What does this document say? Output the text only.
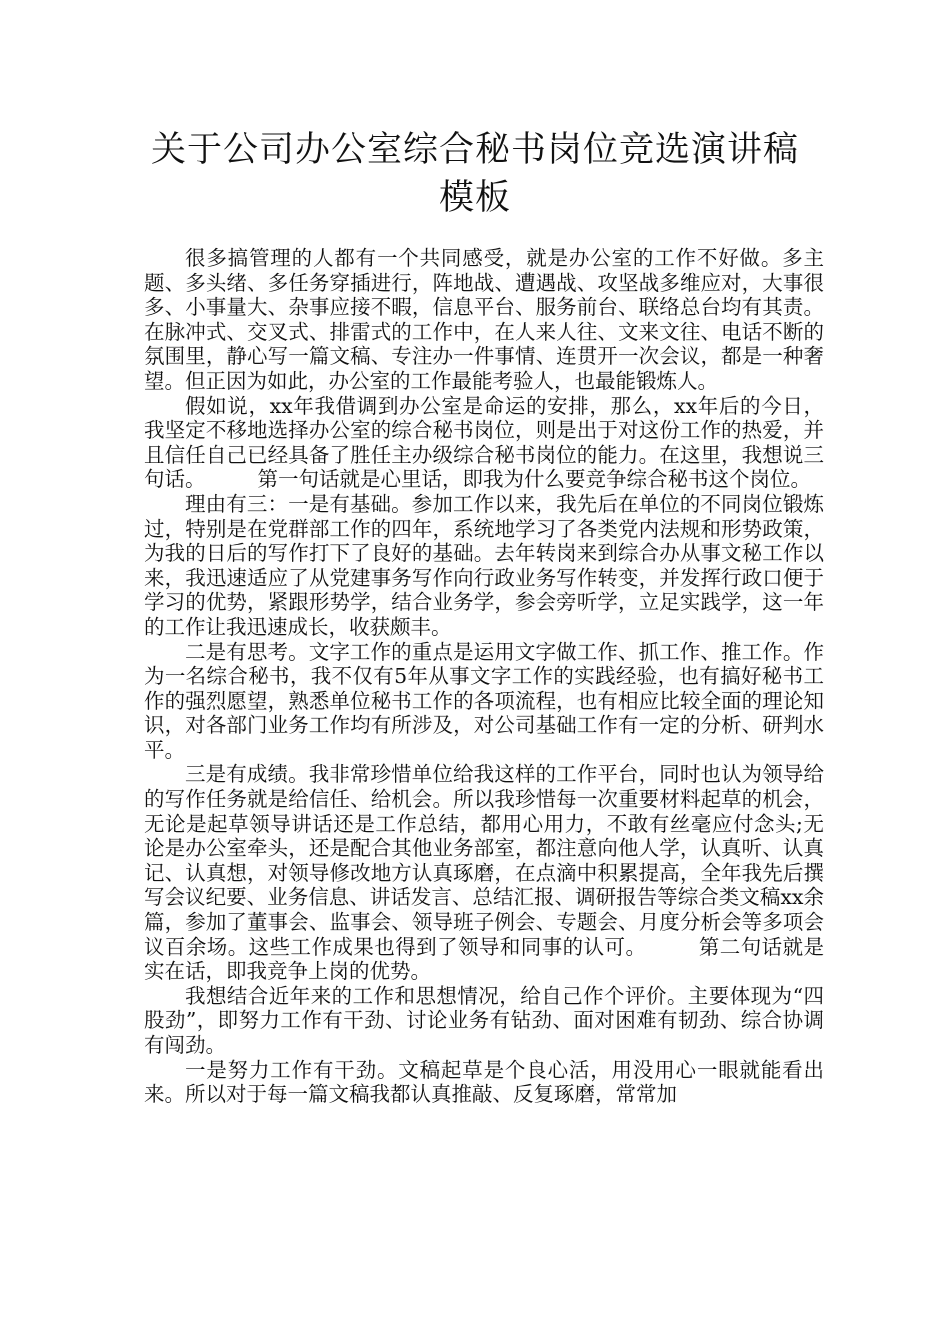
关于公司办公室综合秘书岗位竞选演讲稿
模板

很多搞管理的人都有一个共同感受，就是办公室的工作不好做。多主题、多头绪、多任务穿插进行，阵地战、遭遇战、攻坚战多维应对，大事很多、小事量大、杂事应接不暇，信息平台、服务前台、联络总台均有其责。在脉冲式、交叉式、排雷式的工作中，在人来人往、文来文往、电话不断的氛围里，静心写一篇文稿、专注办一件事情、连贯开一次会议，都是一种奢望。但正因为如此，办公室的工作最能考验人，也最能锻炼人。

假如说，xx年我借调到办公室是命运的安排，那么，xx年后的今日，我坚定不移地选择办公室的综合秘书岗位，则是出于对这份工作的热爱，并且信任自己已经具备了胜任主办级综合秘书岗位的能力。在这里，我想说三句话。	第一句话就是心里话，即我为什么要竞争综合秘书这个岗位。

理由有三：一是有基础。参加工作以来，我先后在单位的不同岗位锻炼过，特别是在党群部工作的四年，系统地学习了各类党内法规和形势政策，为我的日后的写作打下了良好的基础。去年转岗来到综合办从事文秘工作以来，我迅速适应了从党建事务写作向行政业务写作转变，并发挥行政口便于学习的优势，紧跟形势学，结合业务学，参会旁听学，立足实践学，这一年的工作让我迅速成长，收获颇丰。

二是有思考。文字工作的重点是运用文字做工作、抓工作、推工作。作为一名综合秘书，我不仅有5年从事文字工作的实践经验，也有搞好秘书工作的强烈愿望，熟悉单位秘书工作的各项流程，也有相应比较全面的理论知识，对各部门业务工作均有所涉及，对公司基础工作有一定的分析、研判水平。

三是有成绩。我非常珍惜单位给我这样的工作平台，同时也认为领导给的写作任务就是给信任、给机会。所以我珍惜每一次重要材料起草的机会，无论是起草领导讲话还是工作总结，都用心用力，不敢有丝毫应付念头;无论是办公室牵头，还是配合其他业务部室，都注意向他人学，认真听、认真记、认真想，对领导修改地方认真琢磨，在点滴中积累提高，全年我先后撰写会议纪要、业务信息、讲话发言、总结汇报、调研报告等综合类文稿xx余篇，参加了董事会、监事会、领导班子例会、专题会、月度分析会等多项会议百余场。这些工作成果也得到了领导和同事的认可。	第二句话就是实在话，即我竞争上岗的优势。

我想结合近年来的工作和思想情况，给自己作个评价。主要体现为“四股劲”，即努力工作有干劲、讨论业务有钻劲、面对困难有韧劲、综合协调有闯劲。

一是努力工作有干劲。文稿起草是个良心活，用没用心一眼就能看出来。所以对于每一篇文稿我都认真推敲、反复琢磨，常常加
